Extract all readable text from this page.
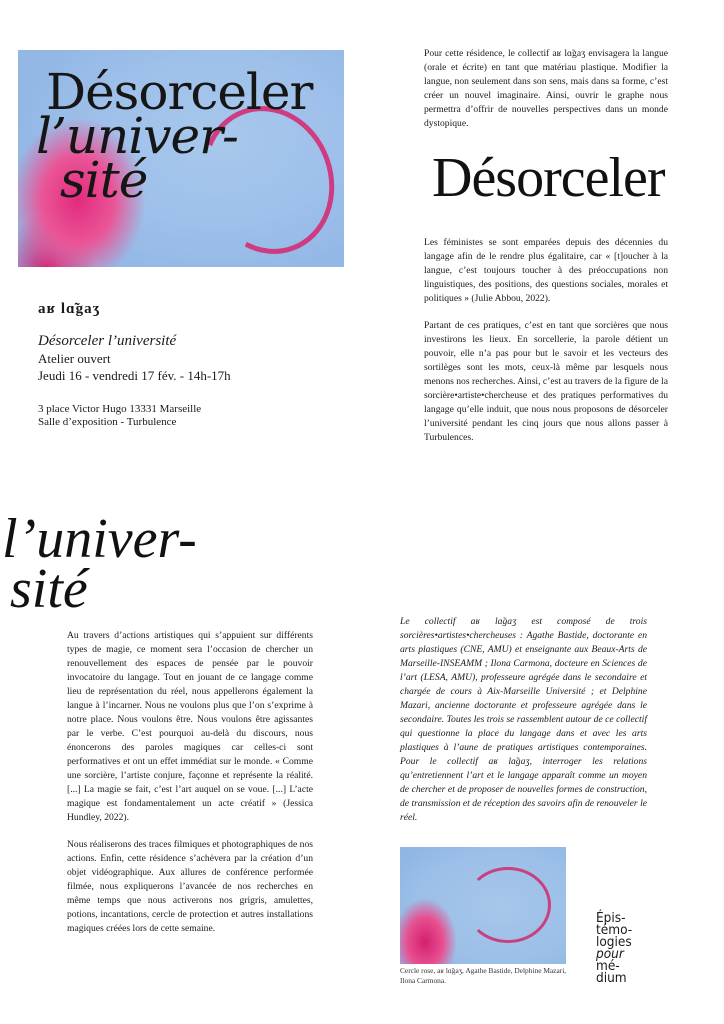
Désorceler
l’univer-
sité	Désorceler
l’univer-
sité
aʁ lɑ̃gaʒ
Désorceler l’université
Atelier ouvert
Jeudi 16 - vendredi 17 fév. - 14h-17h
3 place Victor Hugo 13331 Marseille
Salle d’exposition - Turbulence

Pour cette résidence, le collectif aʁ lɑ̃gaʒ envisagera la langue (orale et écrite) en tant que matériau plastique. Modifier la langue, non seulement dans son sens, mais dans sa forme, c’est créer un nouvel imaginaire. Ainsi, ouvrir le graphe nous permettra d’offrir de nouvelles perspectives dans un monde dystopique.

Les féministes se sont emparées depuis des décennies du langage afin de le rendre plus égalitaire, car « [t]oucher à la langue, c’est toujours toucher à des préoccupations non linguistiques, des positions, des questions sociales, morales et politiques » (Julie Abbou, 2022).

Partant de ces pratiques, c’est en tant que sorcières que nous investirons les lieux. En sorcellerie, la parole détient un pouvoir, elle n’a pas pour but le savoir et les vecteurs des sortilèges sont les mots, ceux-là même par lesquels nous menons nos recherches. Ainsi, c’est au travers de la figure de la sorcière•artiste•chercheuse et des pratiques performatives du langage qu’elle induit, que nous nous proposons de désorceler l’université pendant les cinq jours que nous allons passer à Turbulences.

Au travers d’actions artistiques qui s’appuient sur différents types de magie, ce moment sera l’occasion de chercher un renouvellement des espaces de pensée par le pouvoir invocatoire du langage. Tout en jouant de ce langage comme lieu de représentation du réel, nous appellerons également la langue à l’incarner. Nous ne voulons plus que l’on s’exprime à notre place. Nous voulons être. Nous voulons être agissantes par le verbe. C’est pourquoi au-delà du discours, nous énoncerons des paroles magiques car celles-ci sont performatives et ont un effet immédiat sur le monde. « Comme une sorcière, l’artiste conjure, façonne et représente la réalité. [...] La magie se fait, c’est l’art auquel on se voue. [...] L’acte magique est fondamentalement un acte créatif » (Jessica Hundley, 2022).

Nous réaliserons des traces filmiques et photographiques de nos actions. Enfin, cette résidence s’achèvera par la création d’un objet vidéographique. Aux allures de conférence performée filmée, nous expliquerons l’avancée de nos recherches en même temps que nous activerons nos grigris, amulettes, potions, incantations, cercle de protection et autres installations magiques créées lors de cette semaine.

Le collectif aʁ lɑ̃gaʒ est composé de trois sorcières•artistes•chercheuses : Agathe Bastide, doctorante en arts plastiques (CNE, AMU) et enseignante aux Beaux-Arts de Marseille-INSEAMM ; Ilona Carmona, docteure en Sciences de l’art (LESA, AMU), professeure agrégée dans le secondaire et chargée de cours à Aix-Marseille Université ; et Delphine Mazari, ancienne doctorante et professeure agrégée dans le secondaire. Toutes les trois se rassemblent autour de ce collectif qui questionne la place du langage dans et avec les arts plastiques à l’aune de pratiques artistiques contemporaines. Pour le collectif aʁ lɑ̃gaʒ, interroger les relations qu’entretiennent l’art et le langage apparaît comme un moyen de chercher et de proposer de nouvelles formes de construction, de transmission et de réception des savoirs afin de renouveler le réel.

Cercle rose, aʁ lɑ̃gaʒ, Agathe Bastide, Delphine Mazari, Ilona Carmona.
Épis-
témo-
logies
pour
mé-
dium
